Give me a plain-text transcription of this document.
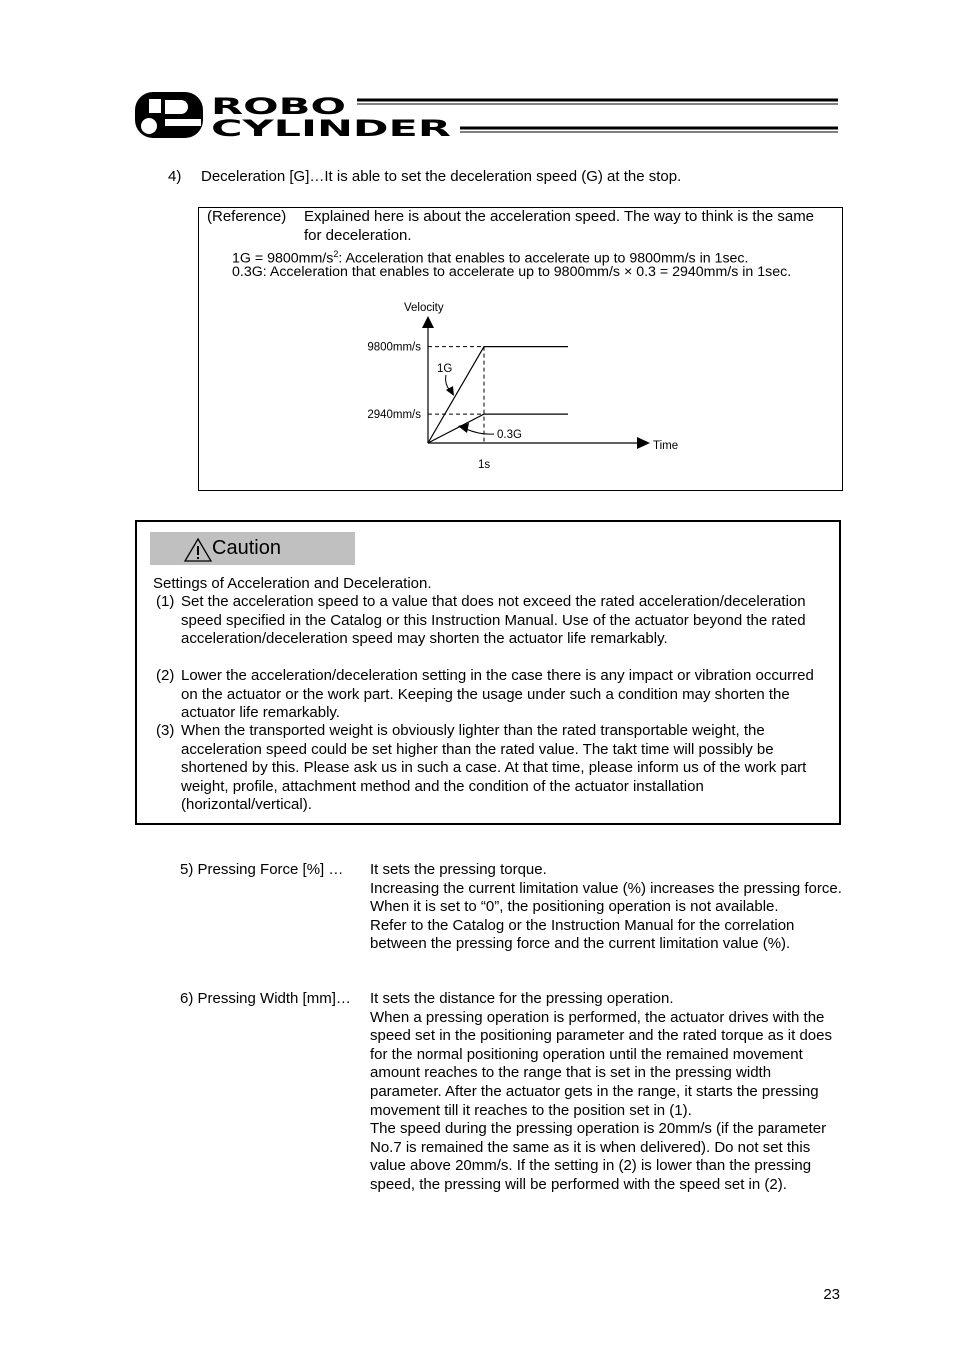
ROBO
CYLINDER
4) Deceleration [G]…It is able to set the deceleration speed (G) at the stop.
(Reference) Explained here is about the acceleration speed. The way to think is the same for deceleration.
$1G = 9800mm/s^2$: Acceleration that enables to accelerate up to 9800mm/s in 1sec.
0.3G: Acceleration that enables to accelerate up to 9800mm/s × 0.3 = 2940mm/s in 1sec.
Velocity
Time
1s
9800mm/s
2940mm/s
1G
0.3G
Caution
Settings of Acceleration and Deceleration.
(1) Set the acceleration speed to a value that does not exceed the rated acceleration/deceleration speed specified in the Catalog or this Instruction Manual. Use of the actuator beyond the rated acceleration/deceleration speed may shorten the actuator life remarkably.
(2) Lower the acceleration/deceleration setting in the case there is any impact or vibration occurred on the actuator or the work part. Keeping the usage under such a condition may shorten the actuator life remarkably.
(3) When the transported weight is obviously lighter than the rated transportable weight, the acceleration speed could be set higher than the rated value. The takt time will possibly be shortened by this. Please ask us in such a case. At that time, please inform us of the work part weight, profile, attachment method and the condition of the actuator installation (horizontal/vertical).
5) Pressing Force [%] … It sets the pressing torque.
Increasing the current limitation value (%) increases the pressing force.
When it is set to “0”, the positioning operation is not available.
Refer to the Catalog or the Instruction Manual for the correlation between the pressing force and the current limitation value (%).
6) Pressing Width [mm]… It sets the distance for the pressing operation.
When a pressing operation is performed, the actuator drives with the speed set in the positioning parameter and the rated torque as it does for the normal positioning operation until the remained movement amount reaches to the range that is set in the pressing width parameter. After the actuator gets in the range, it starts the pressing movement till it reaches to the position set in (1).
The speed during the pressing operation is 20mm/s (if the parameter No.7 is remained the same as it is when delivered). Do not set this value above 20mm/s. If the setting in (2) is lower than the pressing speed, the pressing will be performed with the speed set in (2).
23
